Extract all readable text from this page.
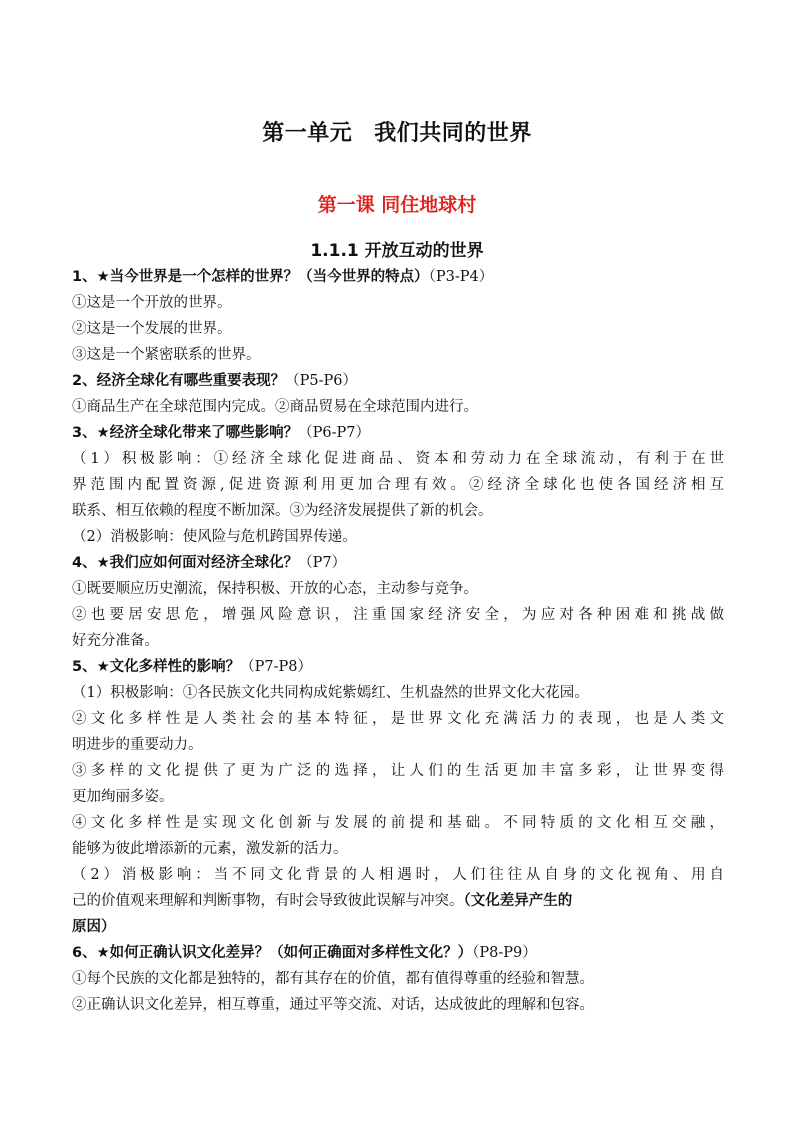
第一单元 我们共同的世界
第一课 同住地球村
1.1.1 开放互动的世界
1、★当今世界是一个怎样的世界？（当今世界的特点）（P3-P4）
①这是一个开放的世界。
②这是一个发展的世界。
③这是一个紧密联系的世界。
2、经济全球化有哪些重要表现？（P5-P6）
①商品生产在全球范围内完成。②商品贸易在全球范围内进行。
3、★经济全球化带来了哪些影响？（P6-P7）
（1）积极影响：①经济全球化促进商品、资本和劳动力在全球流动，有利于在世
界范围内配置资源,促进资源利用更加合理有效。②经济全球化也使各国经济相互
联系、相互依赖的程度不断加深。③为经济发展提供了新的机会。
（2）消极影响：使风险与危机跨国界传递。
4、★我们应如何面对经济全球化？（P7）
①既要顺应历史潮流，保持积极、开放的心态，主动参与竞争。
②也要居安思危，增强风险意识，注重国家经济安全，为应对各种困难和挑战做
好充分准备。
5、★文化多样性的影响？（P7-P8）
（1）积极影响：①各民族文化共同构成姹紫嫣红、生机盎然的世界文化大花园。
②文化多样性是人类社会的基本特征，是世界文化充满活力的表现，也是人类文
明进步的重要动力。
③多样的文化提供了更为广泛的选择，让人们的生活更加丰富多彩，让世界变得
更加绚丽多姿。
④文化多样性是实现文化创新与发展的前提和基础。不同特质的文化相互交融，
能够为彼此增添新的元素，激发新的活力。
（2）消极影响：当不同文化背景的人相遇时，人们往往从自身的文化视角、用自
己的价值观来理解和判断事物，有时会导致彼此误解与冲突。（文化差异产生的
原因）
6、★如何正确认识文化差异？（如何正确面对多样性文化？）（P8-P9）
①每个民族的文化都是独特的，都有其存在的价值，都有值得尊重的经验和智慧。
②正确认识文化差异，相互尊重，通过平等交流、对话，达成彼此的理解和包容。
